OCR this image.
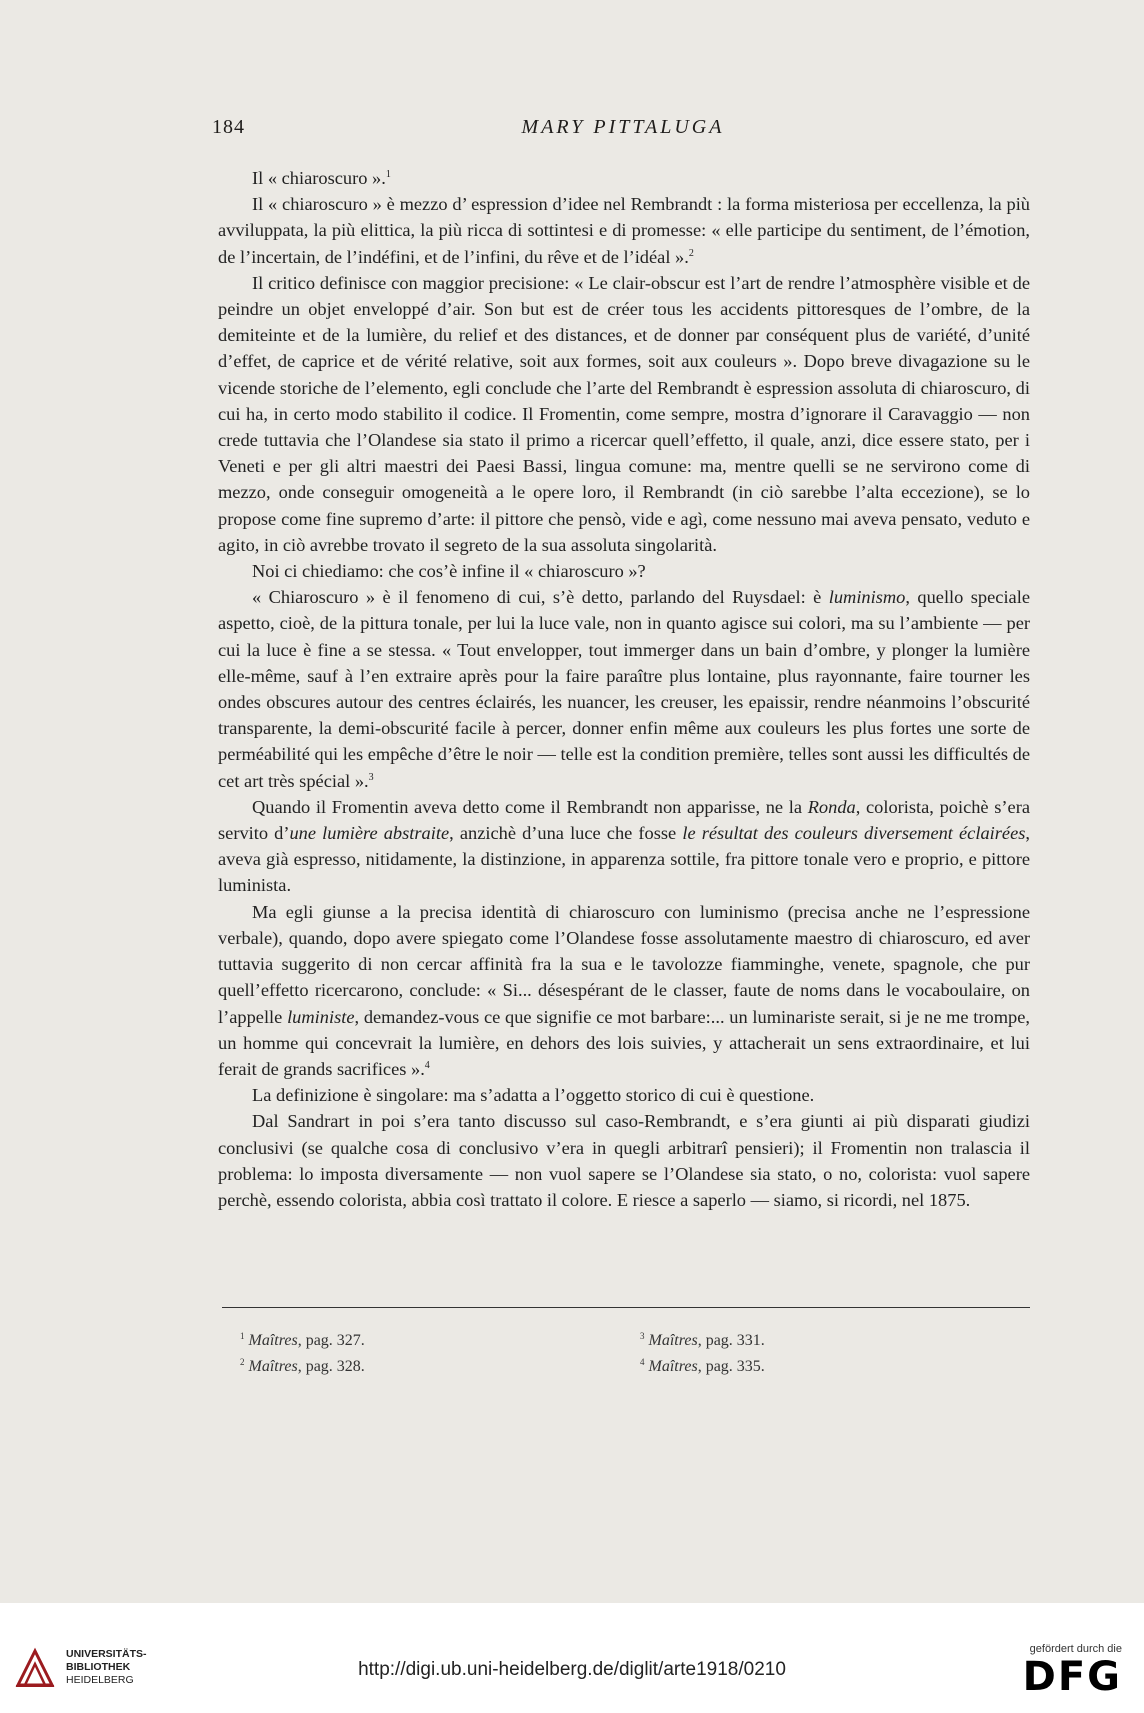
184	MARY PITTALUGA

Il « chiaroscuro ».$^1$

Il « chiaroscuro » è mezzo d’ espression d’idee nel Rembrandt : la forma misteriosa per eccellenza, la più avviluppata, la più elittica, la più ricca di sottintesi e di promesse: « elle participe du sentiment, de l’émotion, de l’incertain, de l’indéfini, et de l’infini, du rêve et de l’idéal ».$^2$

Il critico definisce con maggior precisione: « Le clair-obscur est l’art de rendre l’atmosphère visible et de peindre un objet enveloppé d’air. Son but est de créer tous les accidents pittoresques de l’ombre, de la demiteinte et de la lumière, du relief et des distances, et de donner par conséquent plus de variété, d’unité d’effet, de caprice et de vérité relative, soit aux formes, soit aux couleurs ». Dopo breve divagazione su le vicende storiche de l’elemento, egli conclude che l’arte del Rembrandt è espression assoluta di chiaroscuro, di cui ha, in certo modo stabilito il codice. Il Fromentin, come sempre, mostra d’ignorare il Caravaggio — non crede tuttavia che l’Olandese sia stato il primo a ricercar quell’effetto, il quale, anzi, dice essere stato, per i Veneti e per gli altri maestri dei Paesi Bassi, lingua comune: ma, mentre quelli se ne servirono come di mezzo, onde conseguir omogeneità a le opere loro, il Rembrandt (in ciò sarebbe l’alta eccezione), se lo propose come fine supremo d’arte: il pittore che pensò, vide e agì, come nessuno mai aveva pensato, veduto e agito, in ciò avrebbe trovato il segreto de la sua assoluta singolarità.

Noi ci chiediamo: che cos’è infine il « chiaroscuro »?

« Chiaroscuro » è il fenomeno di cui, s’è detto, parlando del Ruysdael: è luminismo, quello speciale aspetto, cioè, de la pittura tonale, per lui la luce vale, non in quanto agisce sui colori, ma su l’ambiente — per cui la luce è fine a se stessa. « Tout envelopper, tout immerger dans un bain d’ombre, y plonger la lumière elle-même, sauf à l’en extraire après pour la faire paraître plus lontaine, plus rayonnante, faire tourner les ondes obscures autour des centres éclairés, les nuancer, les creuser, les epaissir, rendre néanmoins l’obscurité transparente, la demi-obscurité facile à percer, donner enfin même aux couleurs les plus fortes une sorte de perméabilité qui les empêche d’être le noir — telle est la condition première, telles sont aussi les difficultés de cet art très spécial ».$^3$

Quando il Fromentin aveva detto come il Rembrandt non apparisse, ne la Ronda, colorista, poichè s’era servito d’une lumière abstraite, anzichè d’una luce che fosse le résultat des couleurs diversement éclairées, aveva già espresso, nitidamente, la distinzione, in apparenza sottile, fra pittore tonale vero e proprio, e pittore luminista.

Ma egli giunse a la precisa identità di chiaroscuro con luminismo (precisa anche ne l’espressione verbale), quando, dopo avere spiegato come l’Olandese fosse assolutamente maestro di chiaroscuro, ed aver tuttavia suggerito di non cercar affinità fra la sua e le tavolozze fiamminghe, venete, spagnole, che pur quell’effetto ricercarono, conclude: « Si... désespérant de le classer, faute de noms dans le vocaboulaire, on l’appelle luministe, demandez-vous ce que signifie ce mot barbare:... un luminariste serait, si je ne me trompe, un homme qui concevrait la lumière, en dehors des lois suivies, y attacherait un sens extraordinaire, et lui ferait de grands sacrifices ».$^4$

La definizione è singolare: ma s’adatta a l’oggetto storico di cui è questione.

Dal Sandrart in poi s’era tanto discusso sul caso-Rembrandt, e s’era giunti ai più disparati giudizi conclusivi (se qualche cosa di conclusivo v’era in quegli arbitrarî pensieri); il Fromentin non tralascia il problema: lo imposta diversamente — non vuol sapere se l’Olandese sia stato, o no, colorista: vuol sapere perchè, essendo colorista, abbia così trattato il colore. E riesce a saperlo — siamo, si ricordi, nel 1875.

$^1$ Maîtres, pag. 327.
$^2$ Maîtres, pag. 328.
$^3$ Maîtres, pag. 331.
$^4$ Maîtres, pag. 335.
UNIVERSITÄTS-
BIBLIOTHEK
HEIDELBERG	http://digi.ub.uni-heidelberg.de/diglit/arte1918/0210
gefördert durch die
DFG
